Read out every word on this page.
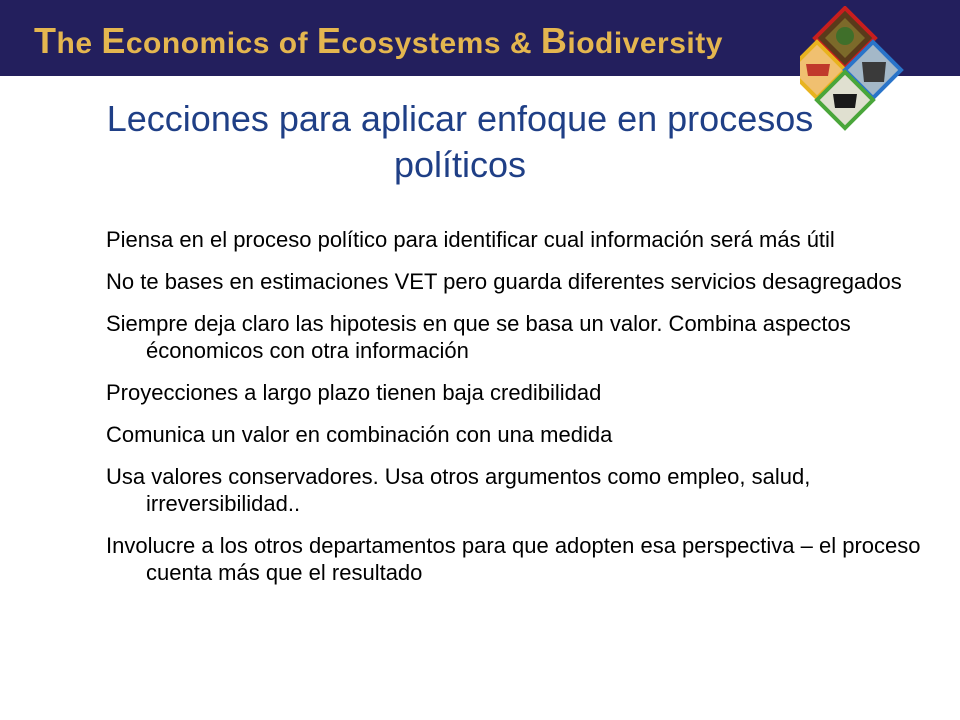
The Economics of Ecosystems & Biodiversity
Lecciones para aplicar enfoque en procesos
políticos
Piensa en el proceso político para identificar cual información será más útil
No te bases en estimaciones VET pero guarda diferentes servicios desagregados
Siempre deja claro las hipotesis en que se basa un valor. Combina aspectos économicos con otra información
Proyecciones a largo plazo tienen baja credibilidad
Comunica un valor en combinación con una medida
Usa valores conservadores. Usa otros argumentos como empleo, salud, irreversibilidad..
Involucre a los otros departamentos para que adopten esa perspectiva – el proceso cuenta más que el resultado
